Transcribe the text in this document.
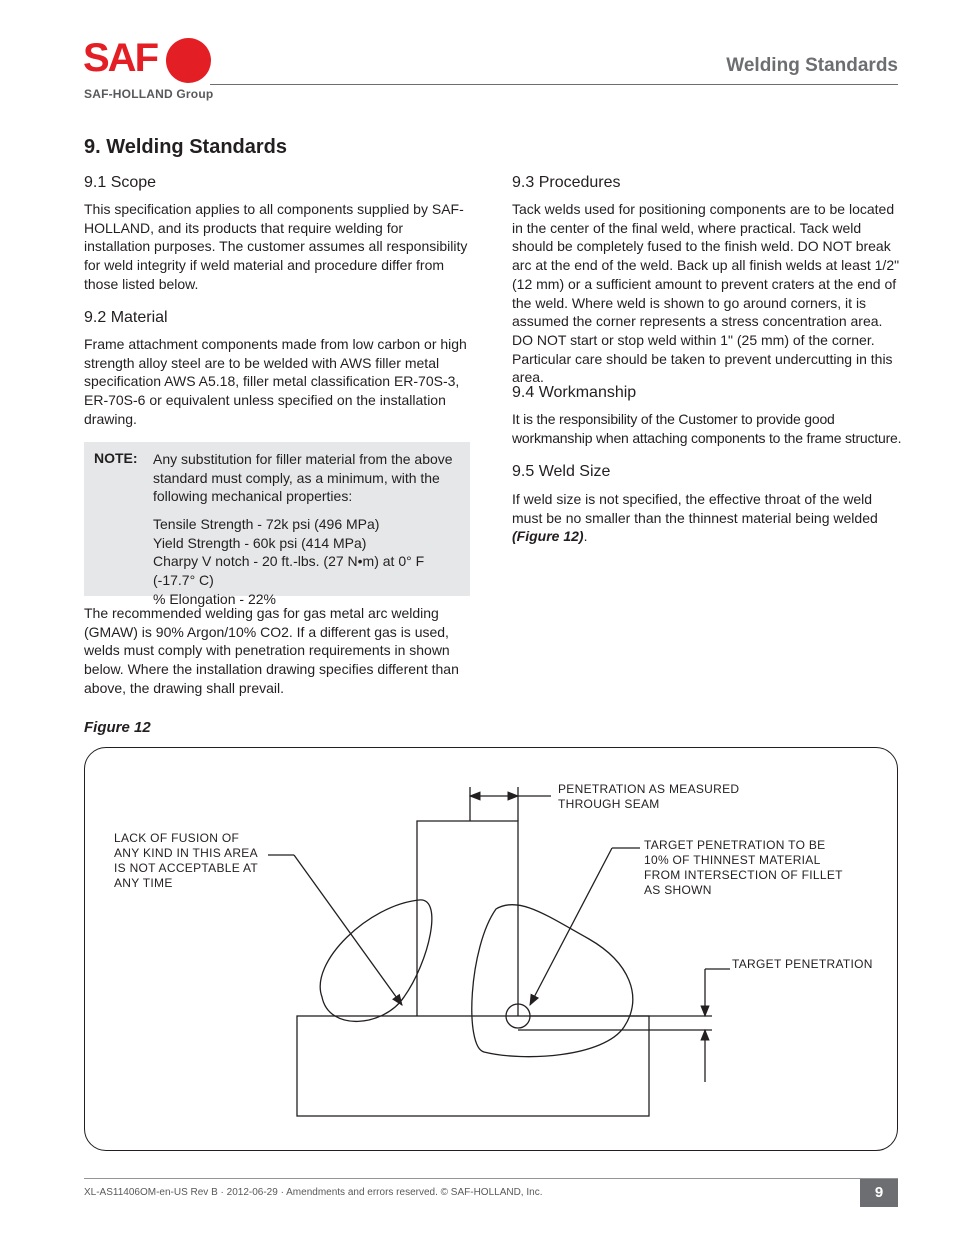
SAF
SAF-HOLLAND Group
Welding Standards
9. Welding Standards
9.1 Scope
This specification applies to all components supplied by SAF-HOLLAND, and its products that require welding for installation purposes. The customer assumes all responsibility for weld integrity if weld material and procedure differ from those listed below.
9.2 Material
Frame attachment components made from low carbon or high strength alloy steel are to be welded with AWS filler metal specification AWS A5.18, filler metal classification ER-70S-3, ER-70S-6 or equivalent unless specified on the installation drawing.
NOTE: Any substitution for filler material from the above standard must comply, as a minimum, with the following mechanical properties:
Tensile Strength - 72k psi (496 MPa)
Yield Strength - 60k psi (414 MPa)
Charpy V notch - 20 ft.-lbs. (27 N•m) at 0° F (-17.7° C)
% Elongation - 22%
The recommended welding gas for gas metal arc welding (GMAW) is 90% Argon/10% CO2. If a different gas is used, welds must comply with penetration requirements in shown below. Where the installation drawing specifies different than above, the drawing shall prevail.
9.3 Procedures
Tack welds used for positioning components are to be located in the center of the final weld, where practical. Tack weld should be completely fused to the finish weld. DO NOT break arc at the end of the weld. Back up all finish welds at least 1/2" (12 mm) or a sufficient amount to prevent craters at the end of the weld. Where weld is shown to go around corners, it is assumed the corner represents a stress concentration area. DO NOT start or stop weld within 1" (25 mm) of the corner. Particular care should be taken to prevent undercutting in this area.
9.4 Workmanship
It is the responsibility of the Customer to provide good workmanship when attaching components to the frame structure.
9.5 Weld Size
If weld size is not specified, the effective throat of the weld must be no smaller than the thinnest material being welded (Figure 12).
Figure 12
PENETRATION AS MEASURED
THROUGH SEAM
LACK OF FUSION OF
ANY KIND IN THIS AREA
IS NOT ACCEPTABLE AT
ANY TIME
TARGET PENETRATION TO BE
10% OF THINNEST MATERIAL
FROM INTERSECTION OF FILLET
AS SHOWN
TARGET PENETRATION
XL-AS11406OM-en-US Rev B · 2012-06-29 · Amendments and errors reserved. © SAF-HOLLAND, Inc.	9
